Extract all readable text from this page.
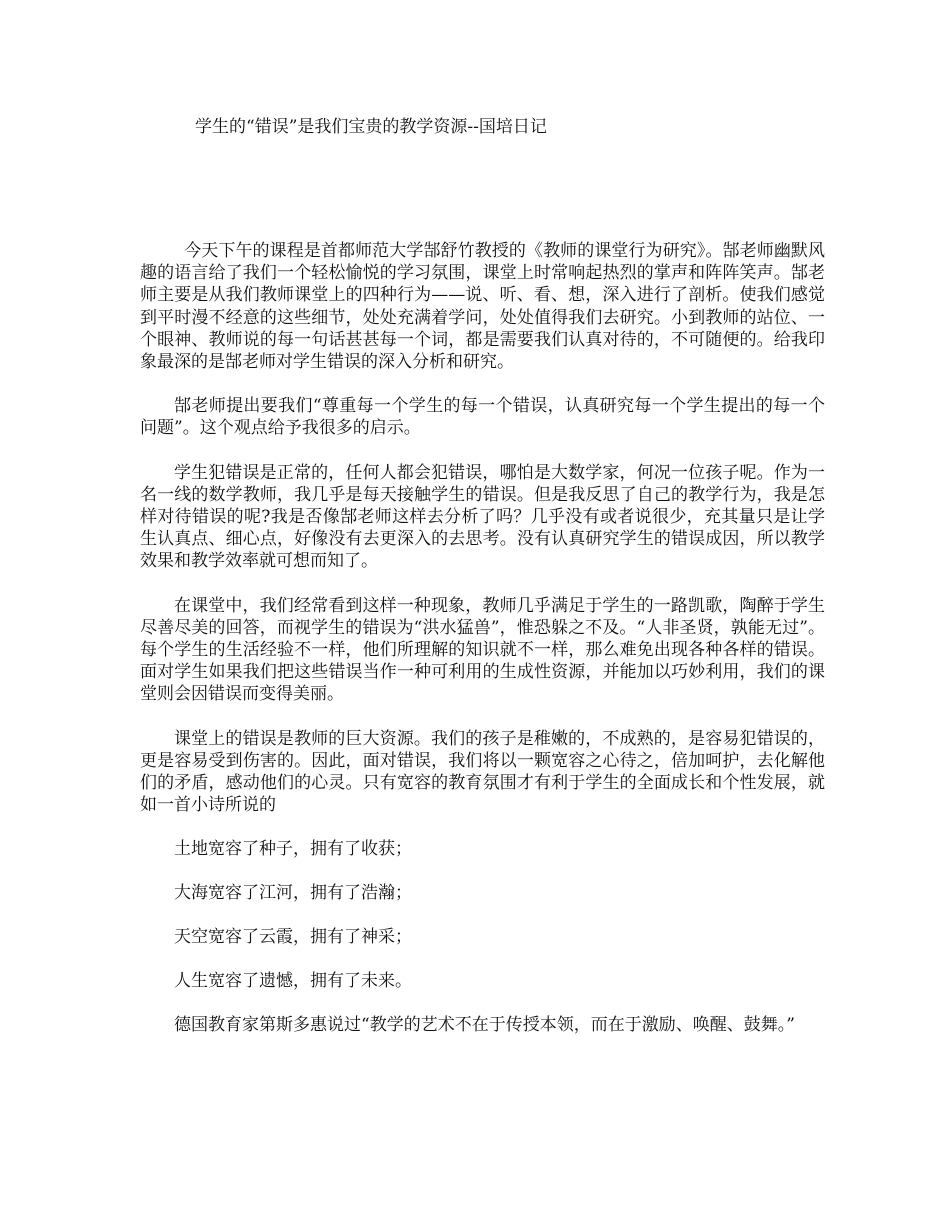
学生的“错误”是我们宝贵的教学资源--国培日记

今天下午的课程是首都师范大学郜舒竹教授的《教师的课堂行为研究》。郜老师幽默风趣的语言给了我们一个轻松愉悦的学习氛围，课堂上时常响起热烈的掌声和阵阵笑声。郜老师主要是从我们教师课堂上的四种行为——说、听、看、想，深入进行了剖析。使我们感觉到平时漫不经意的这些细节，处处充满着学问，处处值得我们去研究。小到教师的站位、一个眼神、教师说的每一句话甚甚每一个词，都是需要我们认真对待的，不可随便的。给我印象最深的是郜老师对学生错误的深入分析和研究。

郜老师提出要我们“尊重每一个学生的每一个错误，认真研究每一个学生提出的每一个问题”。这个观点给予我很多的启示。

学生犯错误是正常的，任何人都会犯错误，哪怕是大数学家，何况一位孩子呢。作为一名一线的数学教师，我几乎是每天接触学生的错误。但是我反思了自己的教学行为，我是怎样对待错误的呢?我是否像郜老师这样去分析了吗？几乎没有或者说很少，充其量只是让学生认真点、细心点，好像没有去更深入的去思考。没有认真研究学生的错误成因，所以教学效果和教学效率就可想而知了。

在课堂中，我们经常看到这样一种现象，教师几乎满足于学生的一路凯歌，陶醉于学生尽善尽美的回答，而视学生的错误为“洪水猛兽”，惟恐躲之不及。“人非圣贤，孰能无过”。每个学生的生活经验不一样，他们所理解的知识就不一样，那么难免出现各种各样的错误。面对学生如果我们把这些错误当作一种可利用的生成性资源，并能加以巧妙利用，我们的课堂则会因错误而变得美丽。

课堂上的错误是教师的巨大资源。我们的孩子是稚嫩的，不成熟的，是容易犯错误的，更是容易受到伤害的。因此，面对错误，我们将以一颗宽容之心待之，倍加呵护，去化解他们的矛盾，感动他们的心灵。只有宽容的教育氛围才有利于学生的全面成长和个性发展，就如一首小诗所说的

土地宽容了种子，拥有了收获；

大海宽容了江河，拥有了浩瀚；

天空宽容了云霞，拥有了神采；

人生宽容了遗憾，拥有了未来。

德国教育家第斯多惠说过“教学的艺术不在于传授本领，而在于激励、唤醒、鼓舞。”
